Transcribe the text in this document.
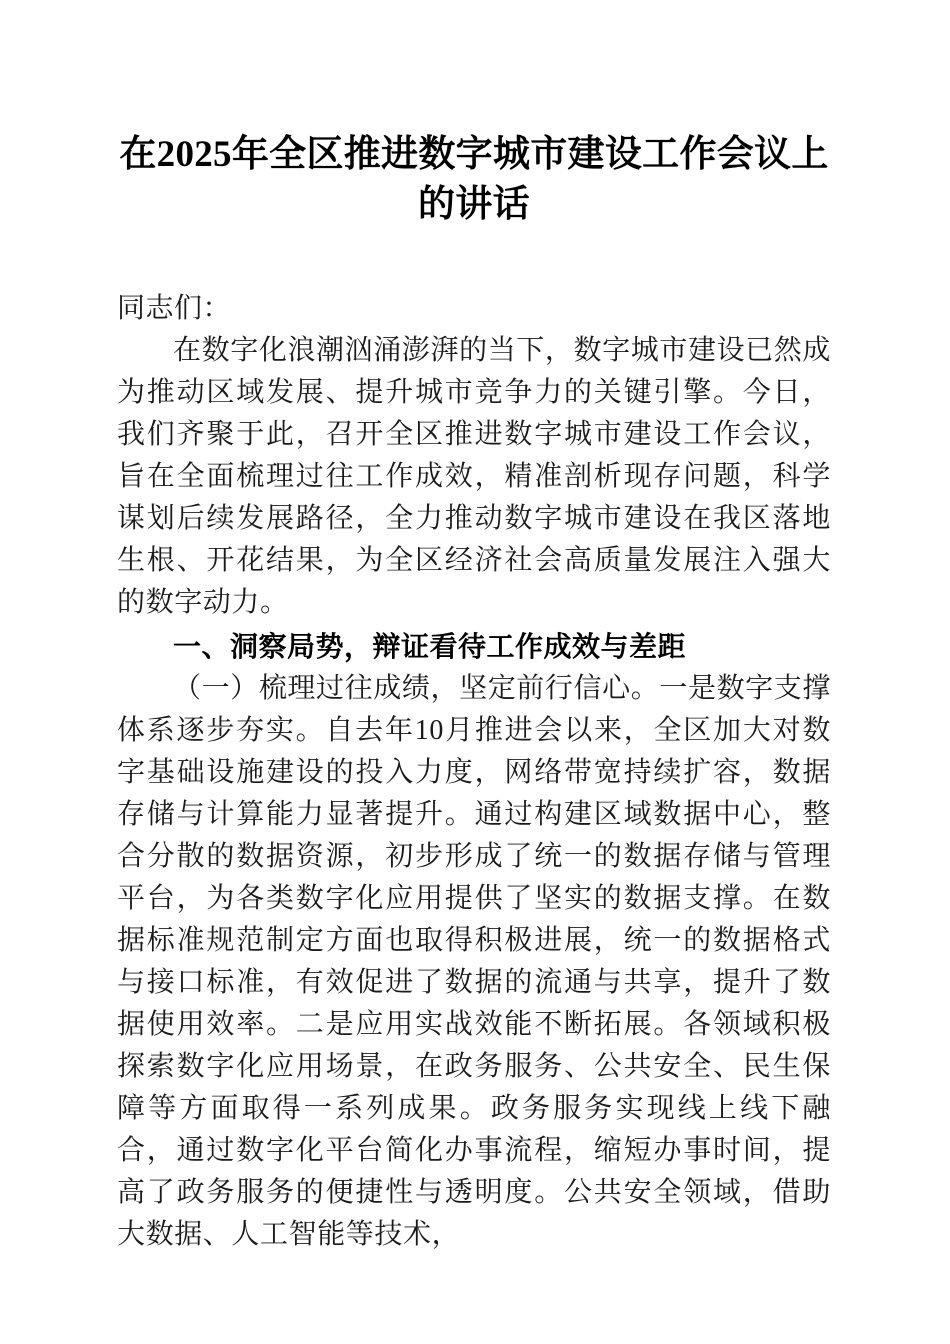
在2025年全区推进数字城市建设工作会议上
的讲话

同志们：

在数字化浪潮汹涌澎湃的当下，数字城市建设已然成为推动区域发展、提升城市竞争力的关键引擎。今日，我们齐聚于此，召开全区推进数字城市建设工作会议，旨在全面梳理过往工作成效，精准剖析现存问题，科学谋划后续发展路径，全力推动数字城市建设在我区落地生根、开花结果，为全区经济社会高质量发展注入强大的数字动力。

一、洞察局势，辩证看待工作成效与差距

（一）梳理过往成绩，坚定前行信心。一是数字支撑体系逐步夯实。自去年10月推进会以来，全区加大对数字基础设施建设的投入力度，网络带宽持续扩容，数据存储与计算能力显著提升。通过构建区域数据中心，整合分散的数据资源，初步形成了统一的数据存储与管理平台，为各类数字化应用提供了坚实的数据支撑。在数据标准规范制定方面也取得积极进展，统一的数据格式与接口标准，有效促进了数据的流通与共享，提升了数据使用效率。二是应用实战效能不断拓展。各领域积极探索数字化应用场景，在政务服务、公共安全、民生保障等方面取得一系列成果。政务服务实现线上线下融合，通过数字化平台简化办事流程，缩短办事时间，提高了政务服务的便捷性与透明度。公共安全领域，借助大数据、人工智能等技术，
